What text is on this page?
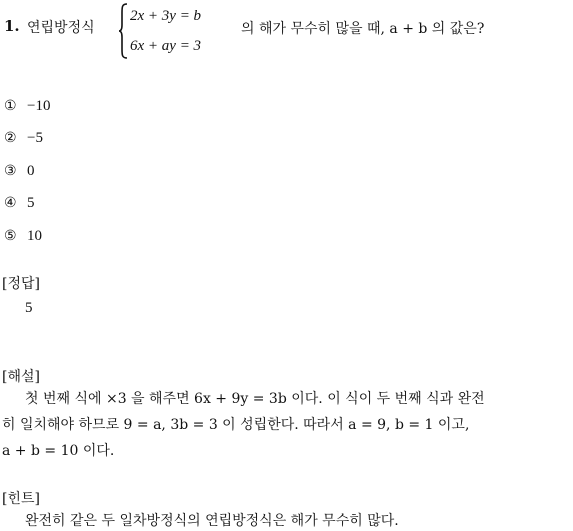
1. 연립방정식
2x + 3y = b
6x + ay = 3
의 해가 무수히 많을 때, a + b 의 값은?
① −10
② −5
③ 0
④ 5
⑤ 10
[정답]
5
[해설]
첫 번째 식에 ×3 을 해주면 6x + 9y = 3b 이다. 이 식이 두 번째 식과 완전
히 일치해야 하므로 9 = a, 3b = 3 이 성립한다. 따라서 a = 9, b = 1 이고,
a + b = 10 이다.
[힌트]
완전히 같은 두 일차방정식의 연립방정식은 해가 무수히 많다.
